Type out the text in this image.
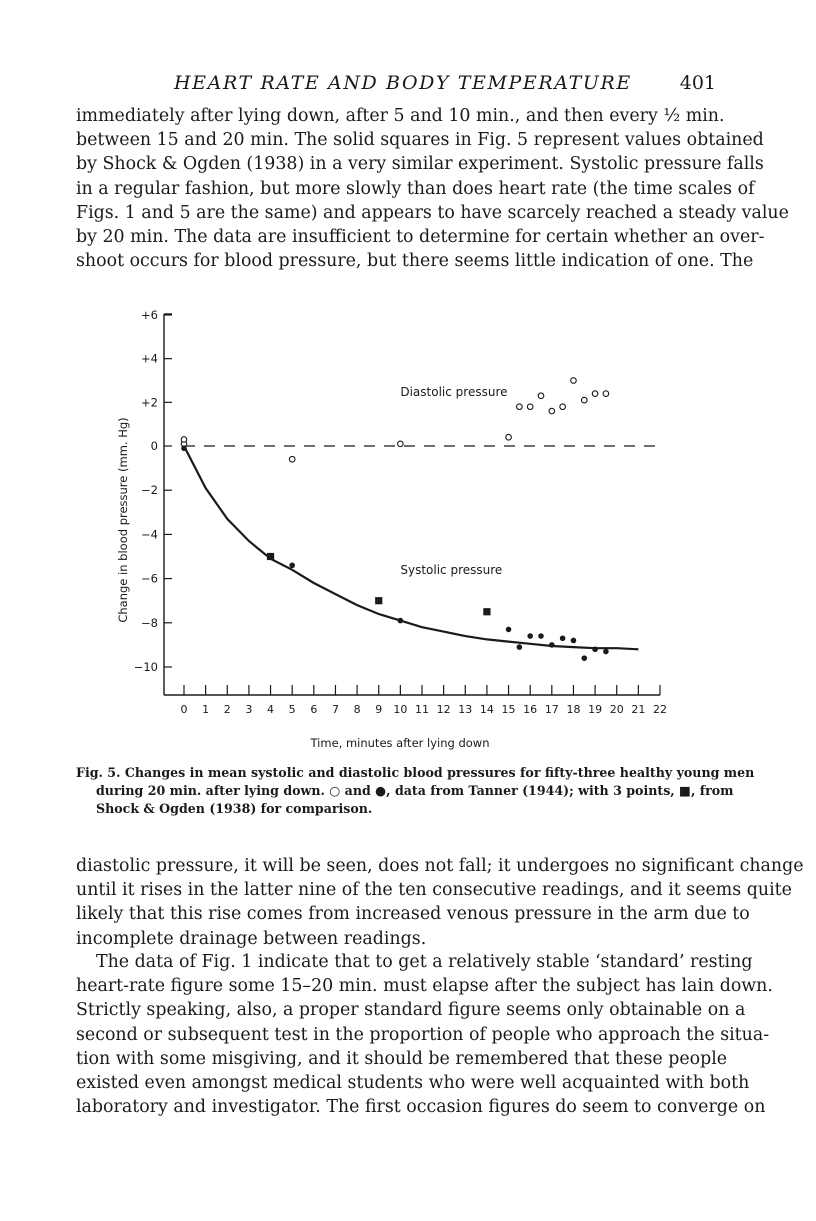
HEART RATE AND BODY TEMPERATURE	401
immediately after lying down, after 5 and 10 min., and then every ½ min.
between 15 and 20 min. The solid squares in Fig. 5 represent values obtained
by Shock & Ogden (1938) in a very similar experiment. Systolic pressure falls
in a regular fashion, but more slowly than does heart rate (the time scales of
Figs. 1 and 5 are the same) and appears to have scarcely reached a steady value
by 20 min. The data are insufficient to determine for certain whether an over-
shoot occurs for blood pressure, but there seems little indication of one. The
+6
+4
+2
0
−2
−4
−6
−8
−10
0 1 2 3 4 5 6 7 8 9 10 11 12 13 14 15 16 17 18 19 20 21 22
Change in blood pressure (mm. Hg)
Time, minutes after lying down
Diastolic pressure
Systolic pressure
Fig. 5. Changes in mean systolic and diastolic blood pressures for fifty-three healthy young men
during 20 min. after lying down. ○ and ●, data from Tanner (1944); with 3 points, ■, from
Shock & Ogden (1938) for comparison.
diastolic pressure, it will be seen, does not fall; it undergoes no significant change
until it rises in the latter nine of the ten consecutive readings, and it seems quite
likely that this rise comes from increased venous pressure in the arm due to
incomplete drainage between readings.
The data of Fig. 1 indicate that to get a relatively stable ‘standard’ resting
heart-rate figure some 15–20 min. must elapse after the subject has lain down.
Strictly speaking, also, a proper standard figure seems only obtainable on a
second or subsequent test in the proportion of people who approach the situa-
tion with some misgiving, and it should be remembered that these people
existed even amongst medical students who were well acquainted with both
laboratory and investigator. The first occasion figures do seem to converge on
